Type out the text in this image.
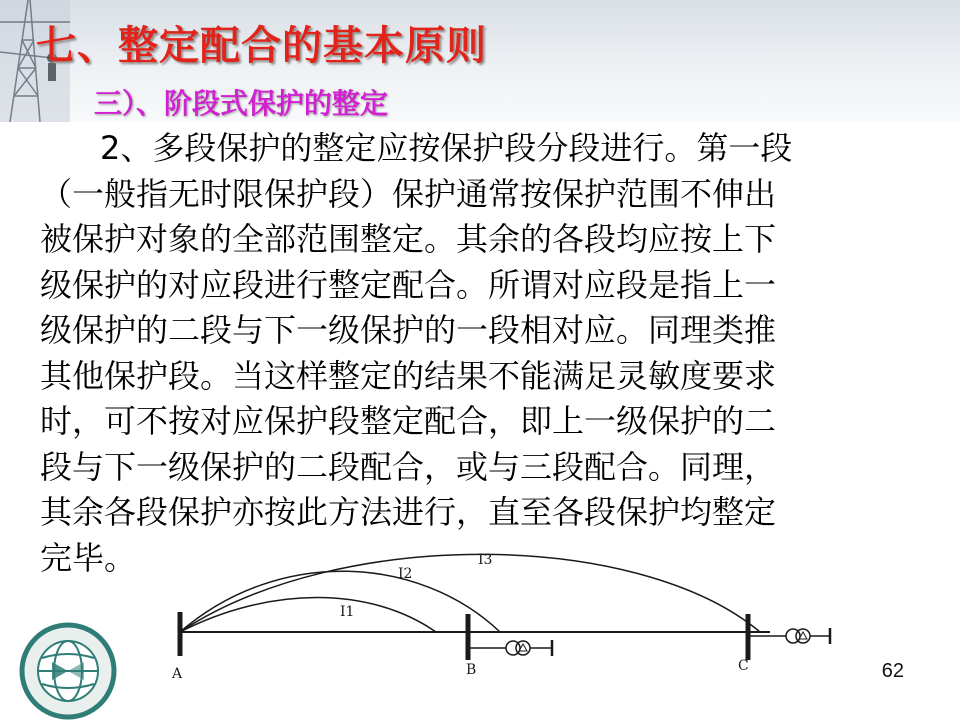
七、整定配合的基本原则
三）、阶段式保护的整定
2、多段保护的整定应按保护段分段进行。第一段
（一般指无时限保护段）保护通常按保护范围不伸出
被保护对象的全部范围整定。其余的各段均应按上下
级保护的对应段进行整定配合。所谓对应段是指上一
级保护的二段与下一级保护的一段相对应。同理类推
其他保护段。当这样整定的结果不能满足灵敏度要求
时，可不按对应保护段整定配合，即上一级保护的二
段与下一级保护的二段配合，或与三段配合。同理，
其余各段保护亦按此方法进行，直至各段保护均整定
完毕。
I1
I2
I3
A	B	C	62
